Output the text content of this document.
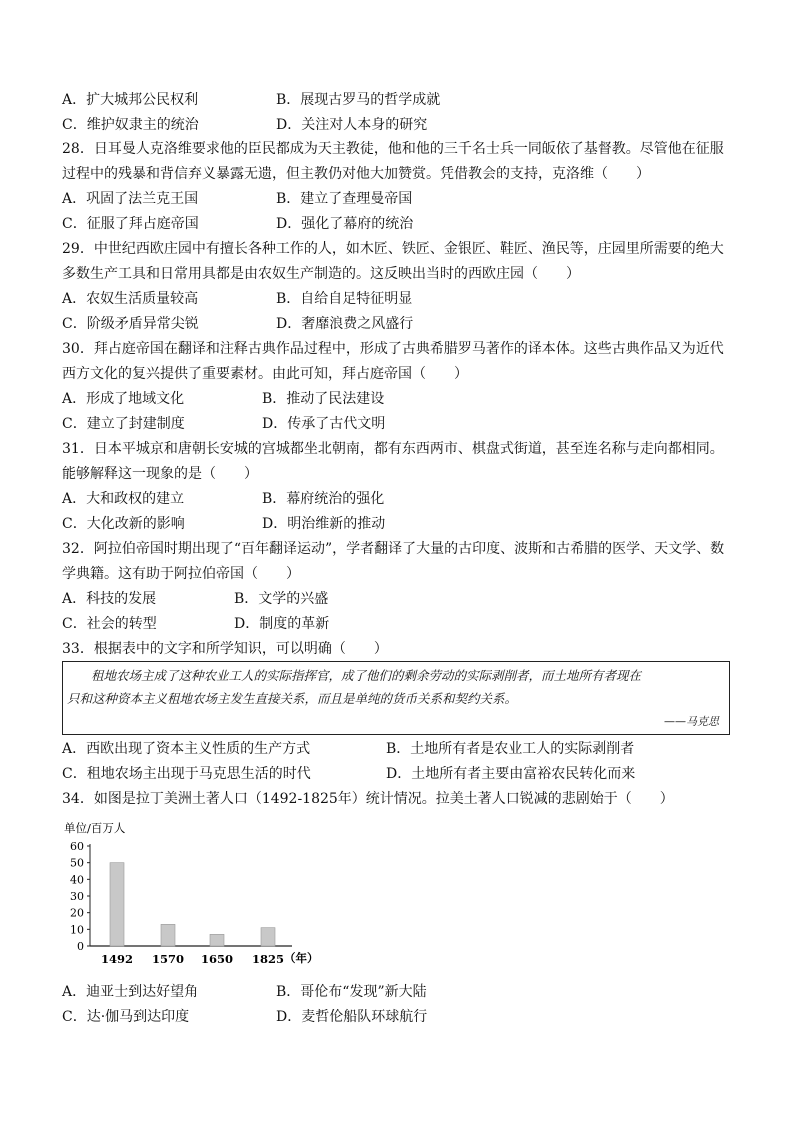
A．扩大城邦公民权利	B．展现古罗马的哲学成就
C．维护奴隶主的统治	D．关注对人本身的研究
28．日耳曼人克洛维要求他的臣民都成为天主教徒，他和他的三千名士兵一同皈依了基督教。尽管他在征服
过程中的残暴和背信弃义暴露无遗，但主教仍对他大加赞赏。凭借教会的支持，克洛维（　　）
A．巩固了法兰克王国	B．建立了查理曼帝国
C．征服了拜占庭帝国	D．强化了幕府的统治
29．中世纪西欧庄园中有擅长各种工作的人，如木匠、铁匠、金银匠、鞋匠、渔民等，庄园里所需要的绝大
多数生产工具和日常用具都是由农奴生产制造的。这反映出当时的西欧庄园（　　）
A．农奴生活质量较高	B．自给自足特征明显
C．阶级矛盾异常尖锐	D．奢靡浪费之风盛行
30．拜占庭帝国在翻译和注释古典作品过程中，形成了古典希腊罗马著作的译本体。这些古典作品又为近代
西方文化的复兴提供了重要素材。由此可知，拜占庭帝国（　　）
A．形成了地域文化	B．推动了民法建设
C．建立了封建制度	D．传承了古代文明
31．日本平城京和唐朝长安城的宫城都坐北朝南，都有东西两市、棋盘式街道，甚至连名称与走向都相同。
能够解释这一现象的是（　　）
A．大和政权的建立	B．幕府统治的强化
C．大化改新的影响	D．明治维新的推动
32．阿拉伯帝国时期出现了“百年翻译运动”，学者翻译了大量的古印度、波斯和古希腊的医学、天文学、数
学典籍。这有助于阿拉伯帝国（　　）
A．科技的发展	B．文学的兴盛
C．社会的转型	D．制度的革新
33．根据表中的文字和所学知识，可以明确（　　）
租地农场主成了这种农业工人的实际指挥官，成了他们的剩余劳动的实际剥削者，而土地所有者现在
只和这种资本主义租地农场主发生直接关系，而且是单纯的货币关系和契约关系。
——马克思
A．西欧出现了资本主义性质的生产方式	B．土地所有者是农业工人的实际剥削者
C．租地农场主出现于马克思生活的时代	D．土地所有者主要由富裕农民转化而来
34．如图是拉丁美洲土著人口（1492-1825年）统计情况。拉美土著人口锐减的悲剧始于（　　）
单位/百万人
0
10
20
30
40
50
60
1492 1570 1650 1825 （年）
A．迪亚士到达好望角	B．哥伦布“发现”新大陆
C．达·伽马到达印度	D．麦哲伦船队环球航行
